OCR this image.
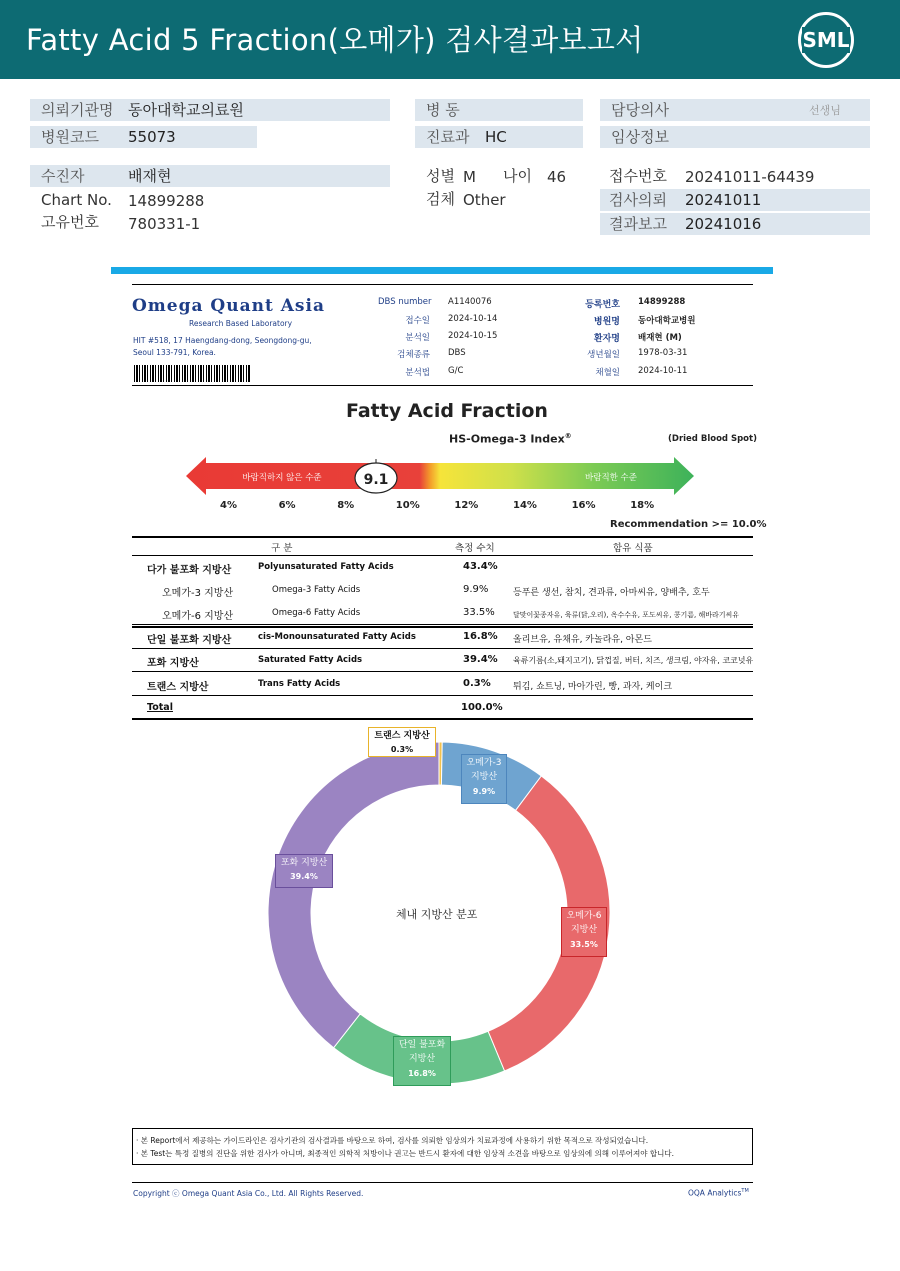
Fatty Acid 5 Fraction(오메가) 검사결과보고서	SML
의뢰기관명 동아대학교의료원
병원코드 55073
병 동
진료과 HC
담당의사	선생님
임상정보
수진자	배재현
Chart No. 14899288
고유번호 780331-1
성별 M 나이 46
검체 Other
접수번호 20241011-64439
검사의뢰 20241011
결과보고 20241016
Omega Quant Asia
Research Based Laboratory
HIT #518, 17 Haengdang-dong, Seongdong-gu,
Seoul 133-791, Korea.
DBS number A1140076
접수일 2024-10-14
분석일 2024-10-15
검체종류 DBS
분석법 G/C
등록번호 14899288
병원명 동아대학교병원
환자명 배재현 (M)
생년월일 1978-03-31
채혈일 2024-10-11
Fatty Acid Fraction
HS-Omega-3 Index®	(Dried Blood Spot)
바람직하지 않은 수준	바람직한 수준
9.1
4%	6%	8%	10%	12%	14%	16%	18%
Recommendation >= 10.0%
구 분	측정 수치	함유 식품
다가 불포화 지방산	Polyunsaturated Fatty Acids	43.4%
오메가-3 지방산	Omega-3 Fatty Acids	9.9%	등푸른 생선, 참치, 견과류, 아마씨유, 양배추, 호두
오메가-6 지방산	Omega-6 Fatty Acids	33.5%	달맞이꽃종자유, 육류(닭,오리), 옥수수유, 포도씨유, 콩기름, 해바라기씨유
단일 불포화 지방산	cis-Monounsaturated Fatty Acids	16.8% 올리브유, 유채유, 카놀라유, 아몬드
포화 지방산	Saturated Fatty Acids	39.4% 육류기름(소,돼지고기), 닭껍질, 버터, 치즈, 생크림, 야자유, 코코넛유
트랜스 지방산	Trans Fatty Acids	0.3% 튀김, 쇼트닝, 마아가린, 빵, 과자, 케이크
Total	100.0%
체내 지방산 분포
트랜스 지방산
0.3%
오메가-3
지방산
9.9%
오메가-6
지방산
33.5%
단일 불포화
지방산
16.8%
포화 지방산
39.4%
· 본 Report에서 제공하는 가이드라인은 검사기관의 검사결과를 바탕으로 하여, 검사를 의뢰한 임상의가 치료과정에 사용하기 위한 목적으로 작성되었습니다.
· 본 Test는 특정 질병의 진단을 위한 검사가 아니며, 최종적인 의학적 처방이나 권고는 반드시 환자에 대한 임상적 소견을 바탕으로 임상의에 의해 이루어져야 합니다.
Copyright ⓒ Omega Quant Asia Co., Ltd. All Rights Reserved.	OQA Analytics™
